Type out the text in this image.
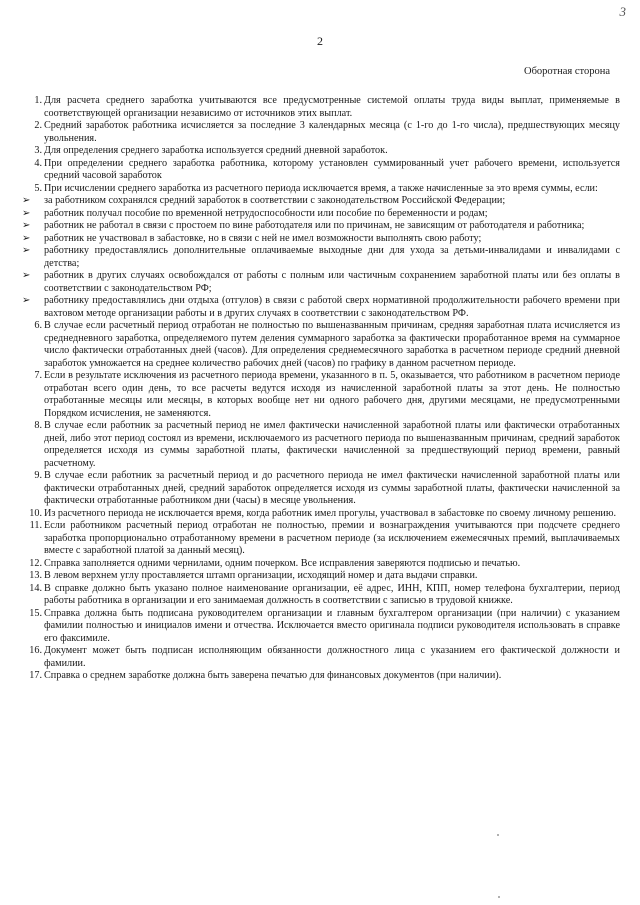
3
2
Оборотная сторона
1. Для расчета среднего заработка учитываются все предусмотренные системой оплаты труда виды выплат, применяемые в соответствующей организации независимо от источников этих выплат.
2. Средний заработок работника исчисляется за последние 3 календарных месяца (с 1-го до 1-го числа), предшествующих месяцу увольнения.
3. Для определения среднего заработка используется средний дневной заработок.
4. При определении среднего заработка работника, которому установлен суммированный учет рабочего времени, используется средний часовой заработок
5. При исчислении среднего заработка из расчетного периода исключается время, а также начисленные за это время суммы, если:
➢	за работником сохранялся средний заработок в соответствии с законодательством Российской Федерации;
➢	работник получал пособие по временной нетрудоспособности или пособие по беременности и родам;
➢	работник не работал в связи с простоем по вине работодателя или по причинам, не зависящим от работодателя и работника;
➢	работник не участвовал в забастовке, но в связи с ней не имел возможности выполнять свою работу;
➢	работнику предоставлялись дополнительные оплачиваемые выходные дни для ухода за детьми-инвалидами и инвалидами с детства;
➢	работник в других случаях освобождался от работы с полным или частичным сохранением заработной платы или без оплаты в соответствии с законодательством РФ;
➢	работнику предоставлялись дни отдыха (отгулов) в связи с работой сверх нормативной продолжительности рабочего времени при вахтовом методе организации работы и в других случаях в соответствии с законодательством РФ.
6. В случае если расчетный период отработан не полностью по вышеназванным причинам, средняя заработная плата исчисляется из среднедневного заработка, определяемого путем деления суммарного заработка за фактически проработанное время на суммарное число фактически отработанных дней (часов). Для определения среднемесячного заработка в расчетном периоде средний дневной заработок умножается на среднее количество рабочих дней (часов) по графику в данном расчетном периоде.
7. Если в результате исключения из расчетного периода времени, указанного в п. 5, оказывается, что работником в расчетном периоде отработан всего один день, то все расчеты ведутся исходя из начисленной заработной платы за этот день. Не полностью отработанные месяцы или месяцы, в которых вообще нет ни одного рабочего дня, другими месяцами, не предусмотренными Порядком исчисления, не заменяются.
8. В случае если работник за расчетный период не имел фактически начисленной заработной платы или фактически отработанных дней, либо этот период состоял из времени, исключаемого из расчетного периода по вышеназванным причинам, средний заработок определяется исходя из суммы заработной платы, фактически начисленной за предшествующий период времени, равный расчетному.
9. В случае если работник за расчетный период и до расчетного периода не имел фактически начисленной заработной платы или фактически отработанных дней, средний заработок определяется исходя из суммы заработной платы, фактически начисленной за фактически отработанные работником дни (часы) в месяце увольнения.
10. Из расчетного периода не исключается время, когда работник имел прогулы, участвовал в забастовке по своему личному решению.
11. Если работником расчетный период отработан не полностью, премии и вознаграждения учитываются при подсчете среднего заработка пропорционально отработанному времени в расчетном периоде (за исключением ежемесячных премий, выплачиваемых вместе с заработной платой за данный месяц).
12. Справка заполняется одними чернилами, одним почерком. Все исправления заверяются подписью и печатью.
13. В левом верхнем углу проставляется штамп организации, исходящий номер и дата выдачи справки.
14. В справке должно быть указано полное наименование организации, её адрес, ИНН, КПП, номер телефона бухгалтерии, период работы работника в организации и его занимаемая должность в соответствии с записью в трудовой книжке.
15. Справка должна быть подписана руководителем организации и главным бухгалтером организации (при наличии) с указанием фамилии полностью и инициалов имени и отчества. Исключается вместо оригинала подписи руководителя использовать в справке его факсимиле.
16. Документ может быть подписан исполняющим обязанности должностного лица с указанием его фактической должности и фамилии.
17. Справка о среднем заработке должна быть заверена печатью для финансовых документов (при наличии).
